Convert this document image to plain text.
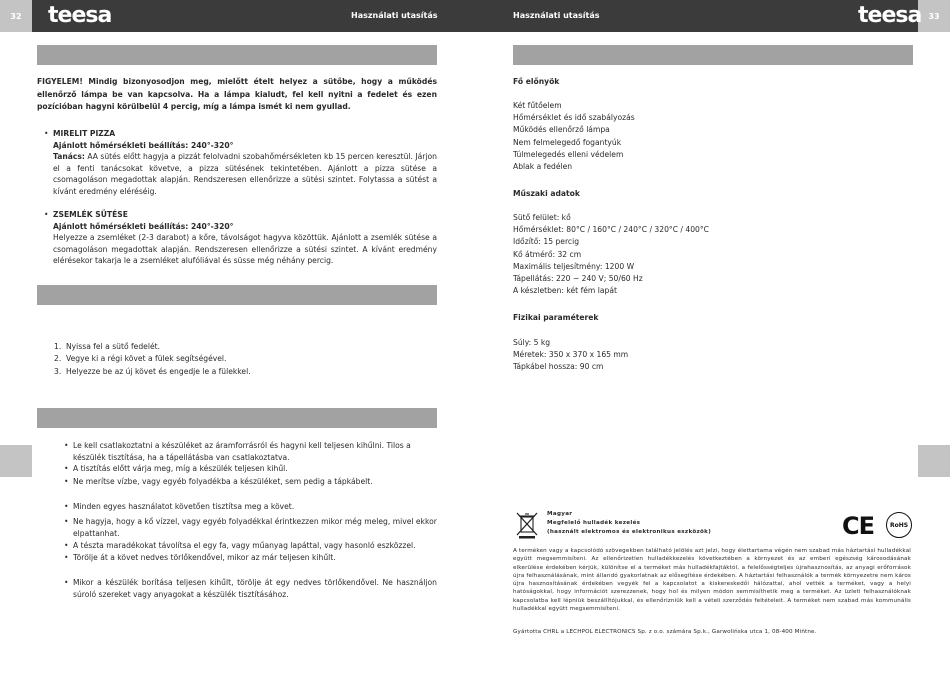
32	33
teesa	teesa
Használati utasítás	Használati utasítás
FIGYELEM! Mindig bizonyosodjon meg, mielőtt ételt helyez a sütőbe, hogy a működés ellenőrző lámpa be van kapcsolva. Ha a lámpa kialudt, fel kell nyitni a fedelet és ezen pozícióban hagyni körülbelül 4 percig, míg a lámpa ismét ki nem gyullad.
• MIRELIT PIZZA
Ajánlott hőmérsékleti beállítás: 240°-320°
Tanács: AA sütés előtt hagyja a pizzát felolvadni szobahőmérsékleten kb 15 percen keresztül. Járjon el a fenti tanácsokat követve, a pizza sütésének tekintetében. Ajánlott a pizza sütése a csomagoláson megadottak alapján. Rendszeresen ellenőrizze a sütési szintet. Folytassa a sütést a kívánt eredmény eléréséig.
• ZSEMLÉK SÜTÉSE
Ajánlott hőmérsékleti beállítás: 240°-320°
Helyezze a zsemléket (2-3 darabot) a kőre, távolságot hagyva közöttük. Ajánlott a zsemlék sütése a csomagoláson megadottak alapján. Rendszeresen ellenőrizze a sütési szintet. A kívánt eredmény elérésekor takarja le a zsemléket alufóliával és süsse még néhány percig.
1. Nyissa fel a sütő fedelét.
2. Vegye ki a régi követ a fülek segítségével.
3. Helyezze be az új követ és engedje le a fülekkel.
• Le kell csatlakoztatni a készüléket az áramforrásról és hagyni kell teljesen kihűlni. Tilos a készülék tisztítása, ha a tápellátásba van csatlakoztatva.
• A tisztítás előtt várja meg, míg a készülék teljesen kihűl.
• Ne merítse vízbe, vagy egyéb folyadékba a készüléket, sem pedig a tápkábelt.
• Minden egyes használatot követően tisztítsa meg a követ.
• Ne hagyja, hogy a kő vízzel, vagy egyéb folyadékkal érintkezzen mikor még meleg, mivel ekkor elpattanhat.
• A tészta maradékokat távolítsa el egy fa, vagy műanyag lapáttal, vagy hasonló eszközzel.
• Törölje át a követ nedves törlőkendővel, mikor az már teljesen kihűlt.
• Mikor a készülék borítása teljesen kihűlt, törölje át egy nedves törlőkendővel. Ne használjon súroló szereket vagy anyagokat a készülék tisztításához.
Fő előnyök
Két fűtőelem
Hőmérséklet és idő szabályozás
Működés ellenőrző lámpa
Nem felmelegedő fogantyúk
Túlmelegedés elleni védelem
Ablak a fedélen
Műszaki adatok
Sütő felület: kő
Hőmérséklet: 80°C / 160°C / 240°C / 320°C / 400°C
Időzítő: 15 percig
Kő átmérő: 32 cm
Maximális teljesítmény: 1200 W
Tápellátás: 220 ~ 240 V; 50/60 Hz
A készletben: két fém lapát
Fizikai paraméterek
Súly: 5 kg
Méretek: 350 x 370 x 165 mm
Tápkábel hossza: 90 cm
Magyar
Megfelelő hulladék kezelés
(használt elektromos és elektronikus eszközök)	CE	RoHS
A terméken vagy a kapcsolódó szövegekben található jelölés azt jelzi, hogy élettartama végén nem szabad más háztartási hulladékkal együtt megsemmisíteni. Az ellenőrizetlen hulladékkezelés következtében a környezet és az emberi egészség károsodásának elkerülése érdekében kérjük, különítse el a terméket más hulladékfajtáktól, a felelősségteljes újrahasznosítás, az anyagi erőforrások újra felhasználásának, mint állandó gyakorlatnak az elősegítése érdekében. A háztartási felhasználók a termék környezetre nem káros újra hasznosításának érdekében vegyék fel a kapcsolatot a kiskereskedői hálózattal, ahol vették a terméket, vagy a helyi hatóságokkal, hogy információt szerezzenek, hogy hol és milyen módon semmisíthetik meg a terméket. Az üzleti felhasználóknak kapcsolatba kell lépniük beszállítójukkal, és ellenőrizniük kell a vételi szerződés feltételeit. A terméket nem szabad más kommunális hulladékkal együtt megsemmisíteni.
Gyártotta CHRL a LECHPOL ELECTRONICS Sp. z o.o. számára Sp.k., Garwolińska utca 1, 08-400 Mińtne.
